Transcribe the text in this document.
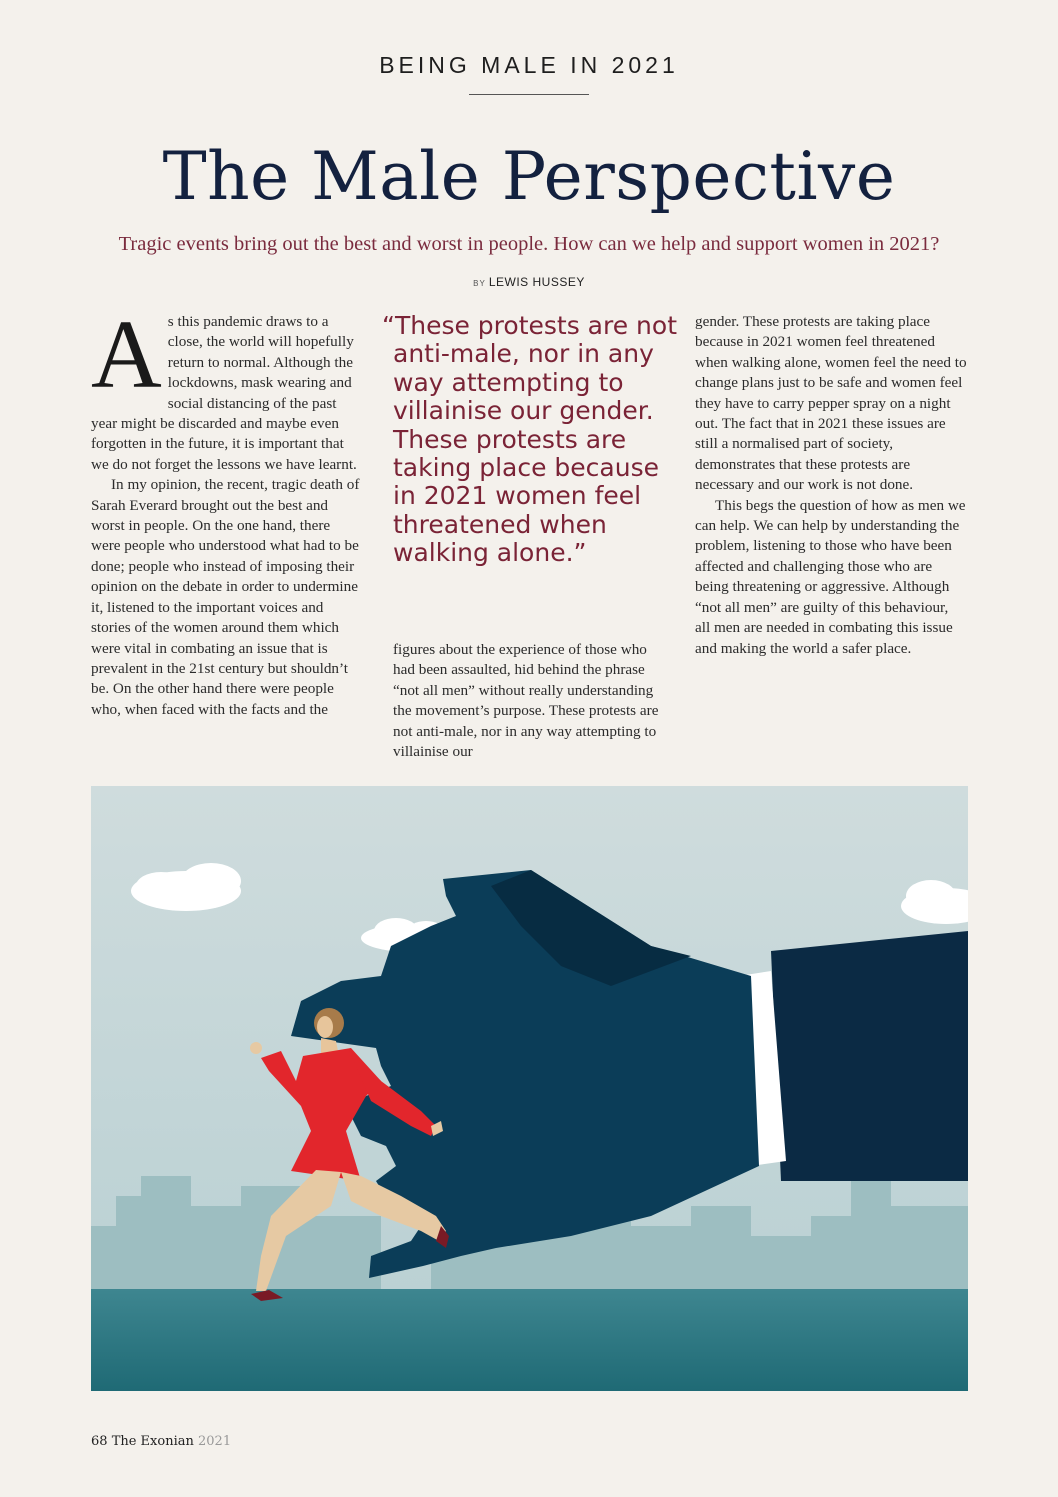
BEING MALE IN 2021
The Male Perspective
Tragic events bring out the best and worst in people. How can we help and support women in 2021?
BY LEWIS HUSSEY
A s this pandemic draws to a close, the world will hopefully return to normal. Although the lockdowns, mask wearing and social distancing of the past year might be discarded and maybe even forgotten in the future, it is important that we do not forget the lessons we have learnt.

In my opinion, the recent, tragic death of Sarah Everard brought out the best and worst in people. On the one hand, there were people who understood what had to be done; people who instead of imposing their opinion on the debate in order to undermine it, listened to the important voices and stories of the women around them which were vital in combating an issue that is prevalent in the 21st century but shouldn’t be. On the other hand there were people who, when faced with the facts and the

“These protests are not anti-male, nor in any way attempting to villainise our gender. These protests are taking place because in 2021 women feel threatened when walking alone.”

figures about the experience of those who had been assaulted, hid behind the phrase “not all men” without really understanding the movement’s purpose. These protests are not anti-male, nor in any way attempting to villainise our

gender. These protests are taking place because in 2021 women feel threatened when walking alone, women feel the need to change plans just to be safe and women feel they have to carry pepper spray on a night out. The fact that in 2021 these issues are still a normalised part of society, demonstrates that these protests are necessary and our work is not done.

This begs the question of how as men we can help. We can help by understanding the problem, listening to those who have been affected and challenging those who are being threatening or aggressive. Although “not all men” are guilty of this behaviour, all men are needed in combating this issue and making the world a safer place.

68 The Exonian 2021
